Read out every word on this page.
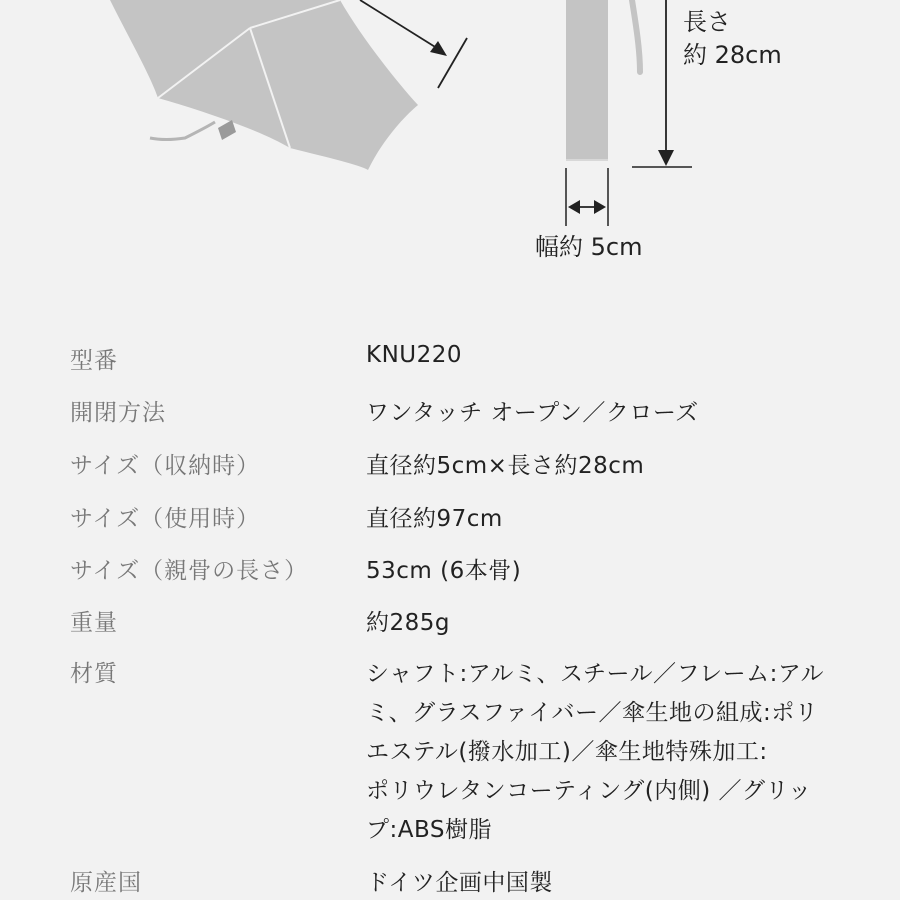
長さ
約 28cm
幅約 5cm
型番	KNU220
開閉方法	ワンタッチ オープン／クローズ
サイズ（収納時）	直径約5cm×長さ約28cm
サイズ（使用時）	直径約97cm
サイズ（親骨の長さ）	53cm (6本骨)
重量	約285g
材質	シャフト:アルミ、スチール／フレーム:アル
ミ、グラスファイバー／傘生地の組成:ポリ
エステル(撥水加工)／傘生地特殊加工:
ポリウレタンコーティング(内側) ／グリッ
プ:ABS樹脂
原産国	ドイツ企画中国製
